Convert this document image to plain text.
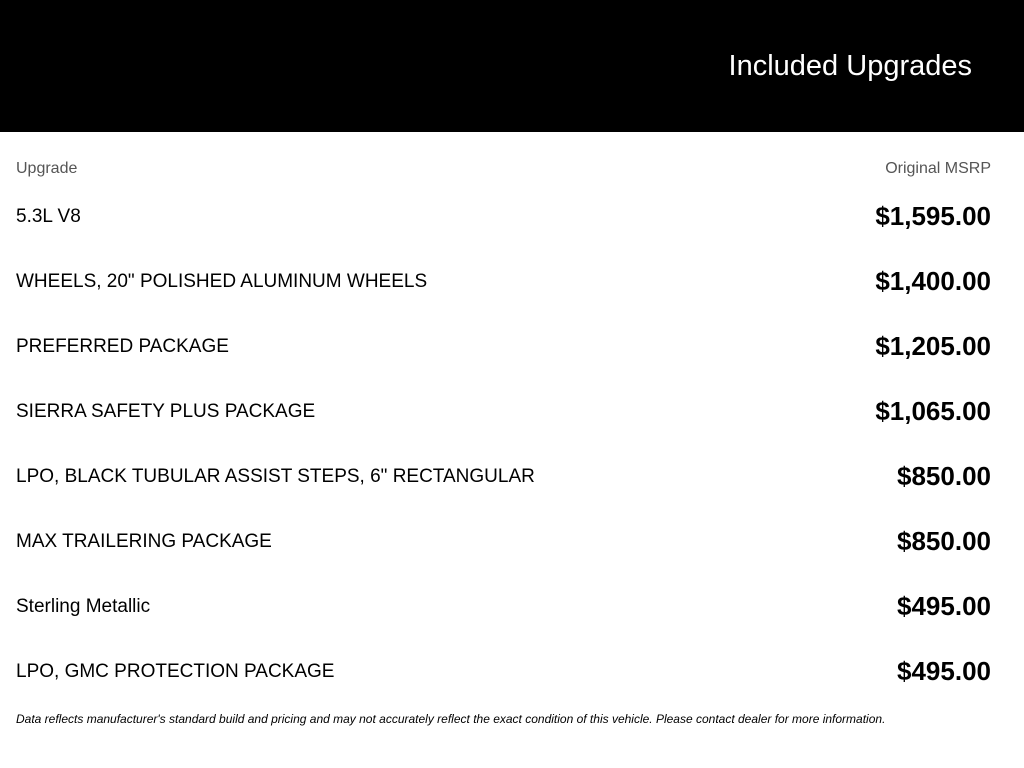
Included Upgrades
Upgrade	Original MSRP
5.3L V8	$1,595.00
WHEELS, 20" POLISHED ALUMINUM WHEELS	$1,400.00
PREFERRED PACKAGE	$1,205.00
SIERRA SAFETY PLUS PACKAGE	$1,065.00
LPO, BLACK TUBULAR ASSIST STEPS, 6" RECTANGULAR	$850.00
MAX TRAILERING PACKAGE	$850.00
Sterling Metallic	$495.00
LPO, GMC PROTECTION PACKAGE	$495.00
Data reflects manufacturer's standard build and pricing and may not accurately reflect the exact condition of this vehicle. Please contact dealer for more information.
